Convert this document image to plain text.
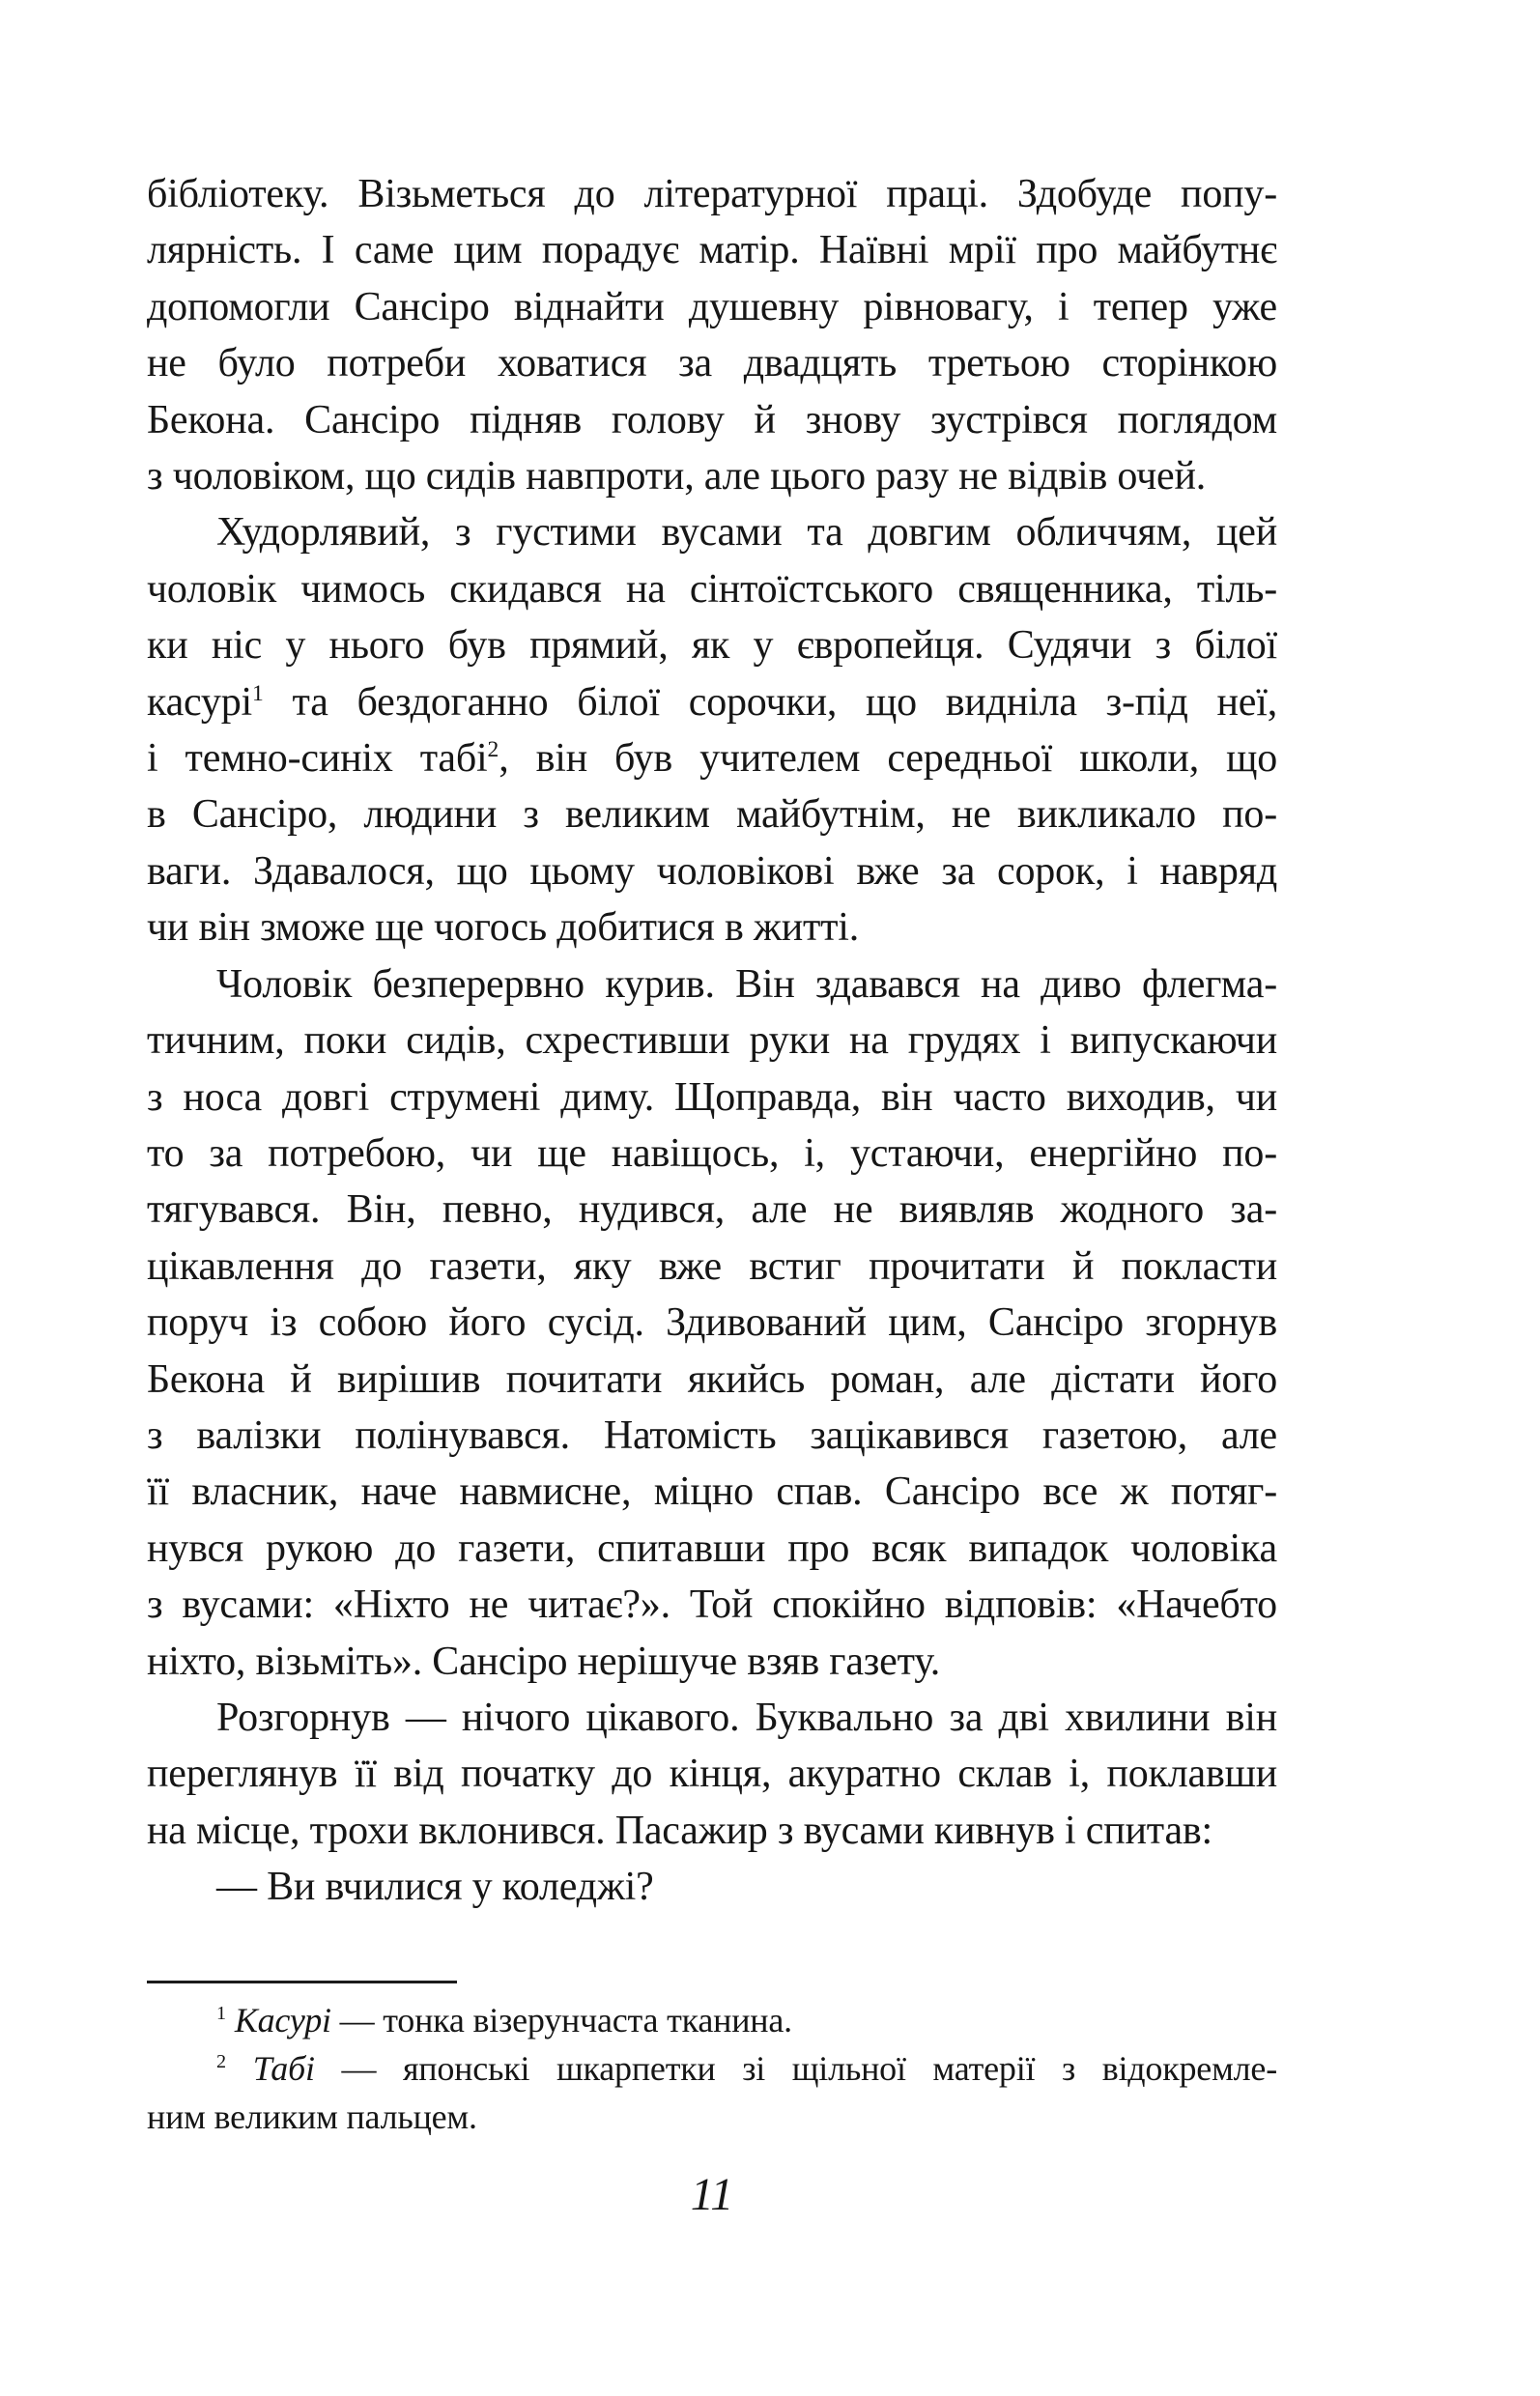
бібліотеку. Візьметься до літературної праці. Здобуде попу-
лярність. І саме цим порадує матір. Наївні мрії про майбутнє
допомогли Сансіро віднайти душевну рівновагу, і тепер уже
не було потреби ховатися за двадцять третьою сторінкою
Бекона. Сансіро підняв голову й знову зустрівся поглядом
з чоловіком, що сидів навпроти, але цього разу не відвів очей.
Худорлявий, з густими вусами та довгим обличчям, цей
чоловік чимось скидався на сінтоїстського священника, тіль-
ки ніс у нього був прямий, як у європейця. Судячи з білої
касурі$^1$ та бездоганно білої сорочки, що видніла з-під неї,
і темно-синіх табі$^2$, він був учителем середньої школи, що
в Сансіро, людини з великим майбутнім, не викликало по-
ваги. Здавалося, що цьому чоловікові вже за сорок, і навряд
чи він зможе ще чогось добитися в житті.
Чоловік безперервно курив. Він здавався на диво флегма-
тичним, поки сидів, схрестивши руки на грудях і випускаючи
з носа довгі струмені диму. Щоправда, він часто виходив, чи
то за потребою, чи ще навіщось, і, устаючи, енергійно по-
тягувався. Він, певно, нудився, але не виявляв жодного за-
цікавлення до газети, яку вже встиг прочитати й покласти
поруч із собою його сусід. Здивований цим, Сансіро згорнув
Бекона й вирішив почитати якийсь роман, але дістати його
з валізки полінувався. Натомість зацікавився газетою, але
її власник, наче навмисне, міцно спав. Сансіро все ж потяг-
нувся рукою до газети, спитавши про всяк випадок чоловіка
з вусами: «Ніхто не читає?». Той спокійно відповів: «Начебто
ніхто, візьміть». Сансіро нерішуче взяв газету.
Розгорнув — нічого цікавого. Буквально за дві хвилини він
переглянув її від початку до кінця, акуратно склав і, поклавши
на місце, трохи вклонився. Пасажир з вусами кивнув і спитав:
— Ви вчилися у коледжі?
$^1$ Касурі — тонка візерунчаста тканина.
$^2$ Табі — японські шкарпетки зі щільної матерії з відокремле-
ним великим пальцем.
11
